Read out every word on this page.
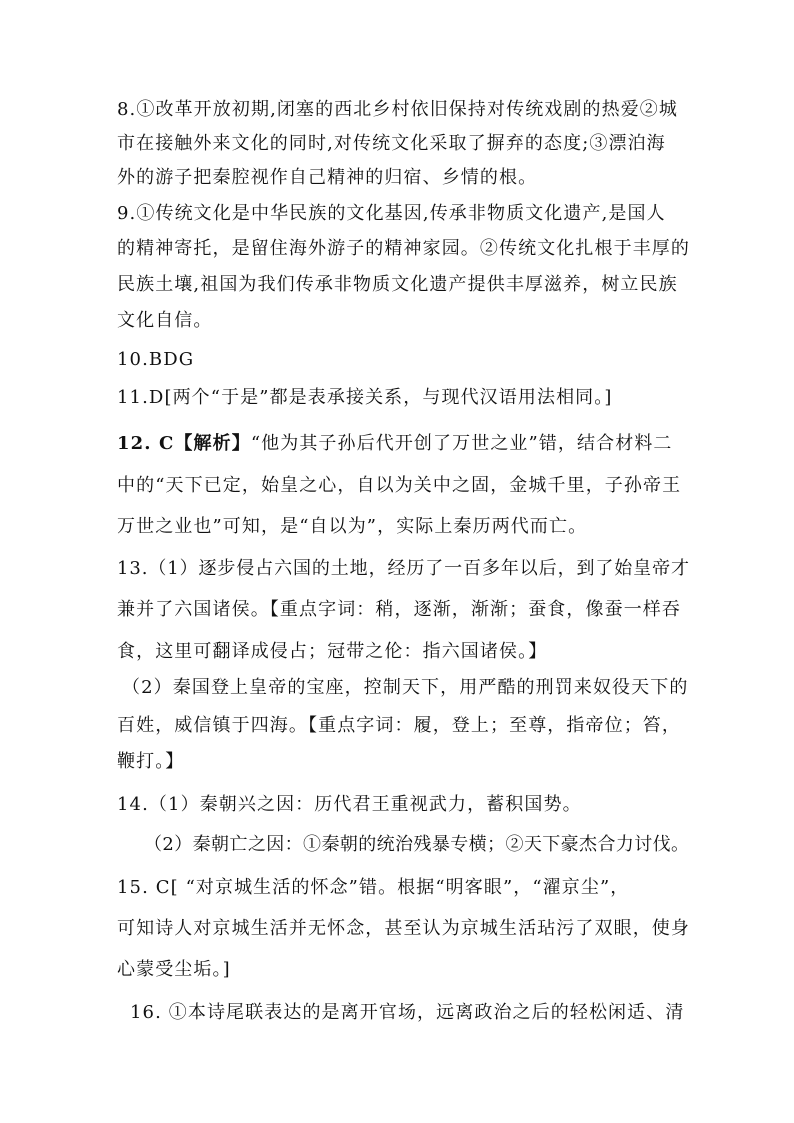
8.①改革开放初期,闭塞的西北乡村依旧保持对传统戏剧的热爱②城
市在接触外来文化的同时,对传统文化采取了摒弃的态度;③漂泊海
外的游子把秦腔视作自己精神的归宿、乡情的根。
9.①传统文化是中华民族的文化基因,传承非物质文化遗产,是国人
的精神寄托，是留住海外游子的精神家园。②传统文化扎根于丰厚的
民族土壤,祖国为我们传承非物质文化遗产提供丰厚滋养，树立民族
文化自信。
10.BDG
11.D[两个“于是”都是表承接关系，与现代汉语用法相同。]
12. C【解析】“他为其子孙后代开创了万世之业”错，结合材料二
中的“天下已定，始皇之心，自以为关中之固，金城千里，子孙帝王
万世之业也”可知，是“自以为”，实际上秦历两代而亡。
13.（1）逐步侵占六国的土地，经历了一百多年以后，到了始皇帝才
兼并了六国诸侯。【重点字词：稍，逐渐，渐渐；蚕食，像蚕一样吞
食，这里可翻译成侵占；冠带之伦：指六国诸侯。】
（2）秦国登上皇帝的宝座，控制天下，用严酷的刑罚来奴役天下的
百姓，威信镇于四海。【重点字词：履，登上；至尊，指帝位；笞，
鞭打。】
14.（1）秦朝兴之因：历代君王重视武力，蓄积国势。
（2）秦朝亡之因：①秦朝的统治残暴专横；②天下豪杰合力讨伐。
15. C[ “对京城生活的怀念”错。根据“明客眼”，“濯京尘”，
可知诗人对京城生活并无怀念，甚至认为京城生活玷污了双眼，使身
心蒙受尘垢。]
16. ①本诗尾联表达的是离开官场，远离政治之后的轻松闲适、清
